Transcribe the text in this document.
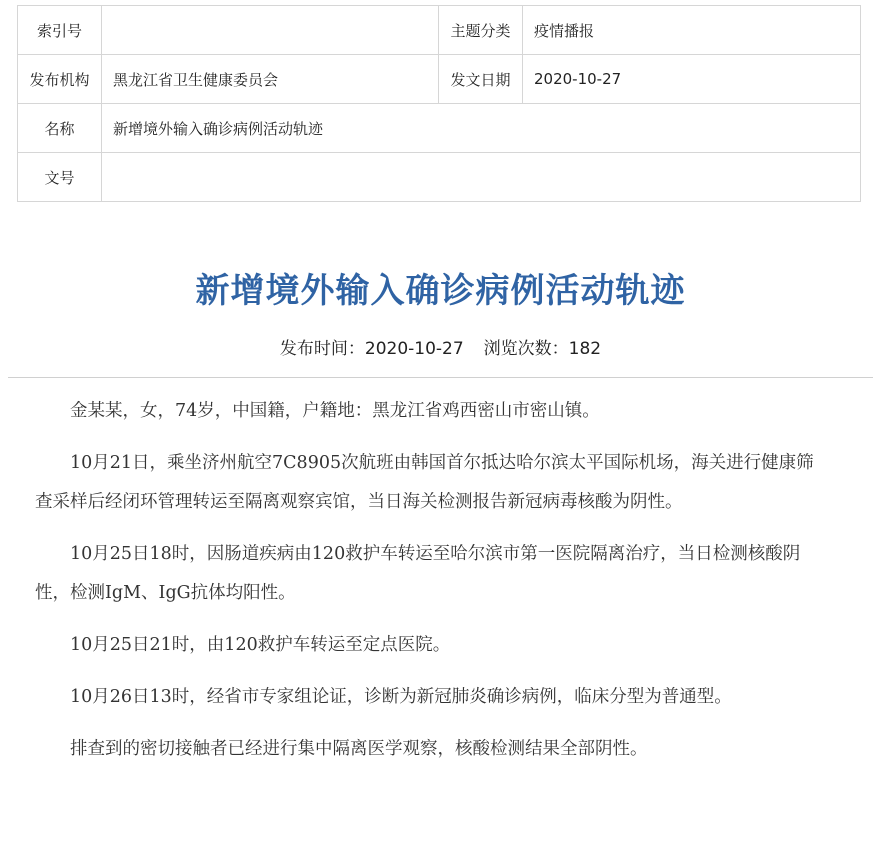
索引号		主题分类	疫情播报
发布机构	黑龙江省卫生健康委员会	发文日期	2020-10-27
名称	新增境外输入确诊病例活动轨迹		
文号			
新增境外输入确诊病例活动轨迹
发布时间：2020-10-27 浏览次数：182

金某某，女，74岁，中国籍，户籍地：黑龙江省鸡西密山市密山镇。

10月21日，乘坐济州航空7C8905次航班由韩国首尔抵达哈尔滨太平国际机场，海关进行健康筛查采样后经闭环管理转运至隔离观察宾馆，当日海关检测报告新冠病毒核酸为阴性。

10月25日18时，因肠道疾病由120救护车转运至哈尔滨市第一医院隔离治疗，当日检测核酸阴性，检测IgM、IgG抗体均阳性。

10月25日21时，由120救护车转运至定点医院。

10月26日13时，经省市专家组论证，诊断为新冠肺炎确诊病例，临床分型为普通型。

排查到的密切接触者已经进行集中隔离医学观察，核酸检测结果全部阴性。
